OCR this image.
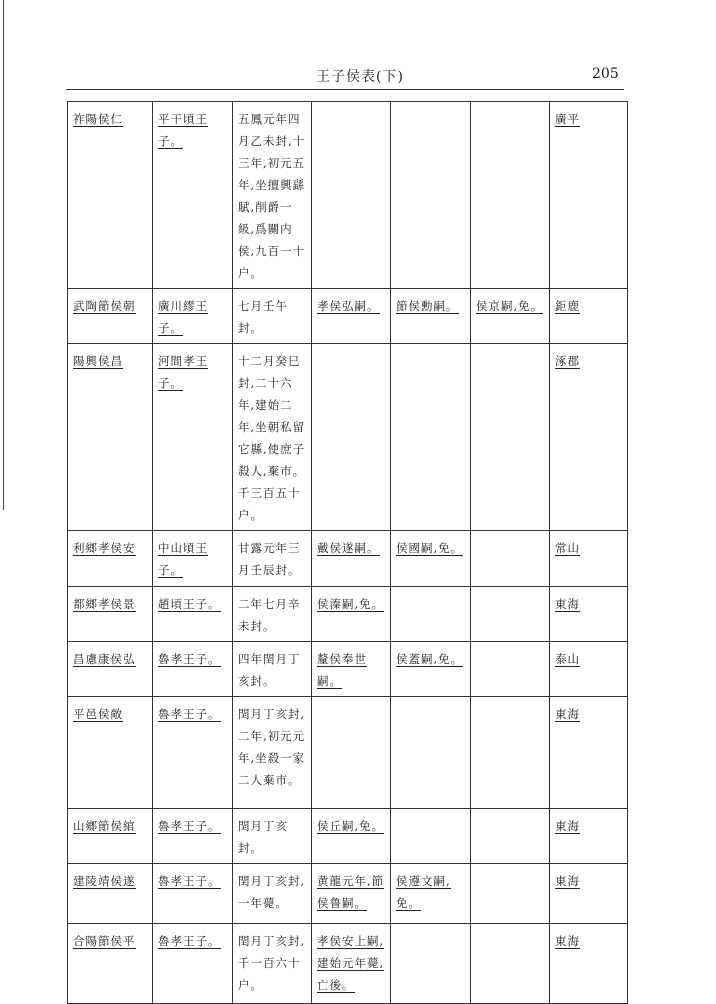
王子侯表(下)	205
祚陽侯仁	平干頃王子。	五鳳元年四月乙未封,十三年,初元五年,坐擅興繇賦,削爵一級,爲關内侯,九百一十户。				廣平
武陶節侯朝	廣川繆王子。	七月壬午封。	孝侯弘嗣。	節侯勳嗣。	侯京嗣,免。	鉅鹿
陽興侯昌	河間孝王子。	十二月癸巳封,二十六年,建始二年,坐朝私留它縣,使庶子殺人,棄市。千三百五十户。				涿郡
利鄉孝侯安	中山頃王子。	甘露元年三月壬辰封。	戴侯遂嗣。	侯國嗣,免。		常山
都鄉孝侯景	趙頃王子。	二年七月辛未封。	侯溱嗣,免。			東海
昌慮康侯弘	魯孝王子。	四年閏月丁亥封。	釐侯奉世嗣。	侯蓋嗣,免。		泰山
平邑侯敞	魯孝王子。	閏月丁亥封,二年,初元元年,坐殺一家二人棄市。				東海
山鄉節侯綰	魯孝王子。	閏月丁亥封。	侯丘嗣,免。			東海
建陵靖侯遂	魯孝王子。	閏月丁亥封,一年薨。	黄龍元年,節侯鲁嗣。	侯遵文嗣,免。		東海
合陽節侯平	魯孝王子。	閏月丁亥封,千一百六十户。	孝侯安上嗣,建始元年薨,亡後。			東海
